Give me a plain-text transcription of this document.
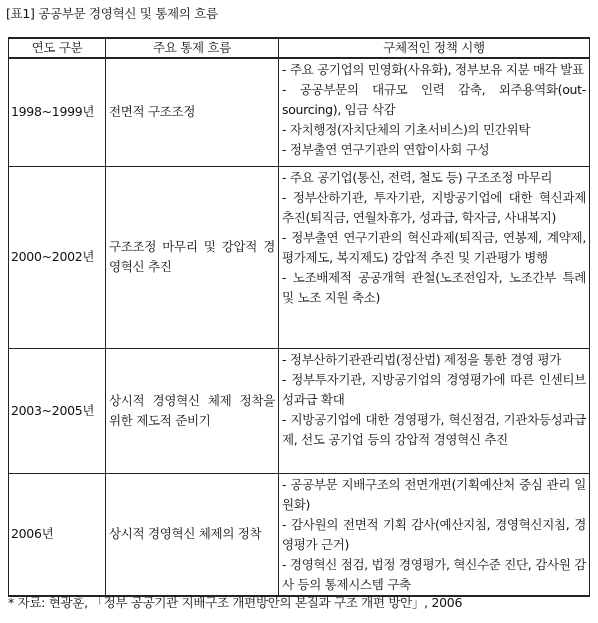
[표1] 공공부문 경영혁신 및 통제의 흐름
연도 구분	주요 통제 흐름	구체적인 정책 시행
1998~1999년	전면적 구조조정	- 주요 공기업의 민영화(사유화), 정부보유 지분 매각 발표
- 공공부문의 대규모 인력 감축, 외주용역화(out-sourcing), 임금 삭감
- 자치행정(자치단체의 기초서비스)의 민간위탁
- 정부출연 연구기관의 연합이사회 구성

2000~2002년	구조조정 마무리 및 강압적 경영혁신 추진	- 주요 공기업(통신, 전력, 철도 등) 구조조정 마무리
- 정부산하기관, 투자기관, 지방공기업에 대한 혁신과제 추진(퇴직금, 연월차휴가, 성과급, 학자금, 사내복지)
- 정부출연 연구기관의 혁신과제(퇴직금, 연봉제, 계약제, 평가제도, 복지제도) 강압적 추진 및 기관평가 병행
- 노조배제적 공공개혁 관철(노조전임자, 노조간부 특례 및 노조 지원 축소)

2003~2005년	상시적 경영혁신 체제 정착을 위한 제도적 준비기	- 정부산하기관관리법(정산법) 제정을 통한 경영 평가
- 정부투자기관, 지방공기업의 경영평가에 따른 인센티브 성과급 확대
- 지방공기업에 대한 경영평가, 혁신점검, 기관차등성과급제, 선도 공기업 등의 강압적 경영혁신 추진

2006년	상시적 경영혁신 체제의 정착	- 공공부문 지배구조의 전면개편(기획예산처 중심 관리 일원화)
- 감사원의 전면적 기획 감사(예산지침, 경영혁신지침, 경영평가 근거)
- 경영혁신 점검, 법정 경영평가, 혁신수준 진단, 감사원 감사 등의 통제시스템 구축
* 자료: 현광훈, 「정부 공공기관 지배구조 개편방안의 본질과 구조 개편 방안」, 2006
